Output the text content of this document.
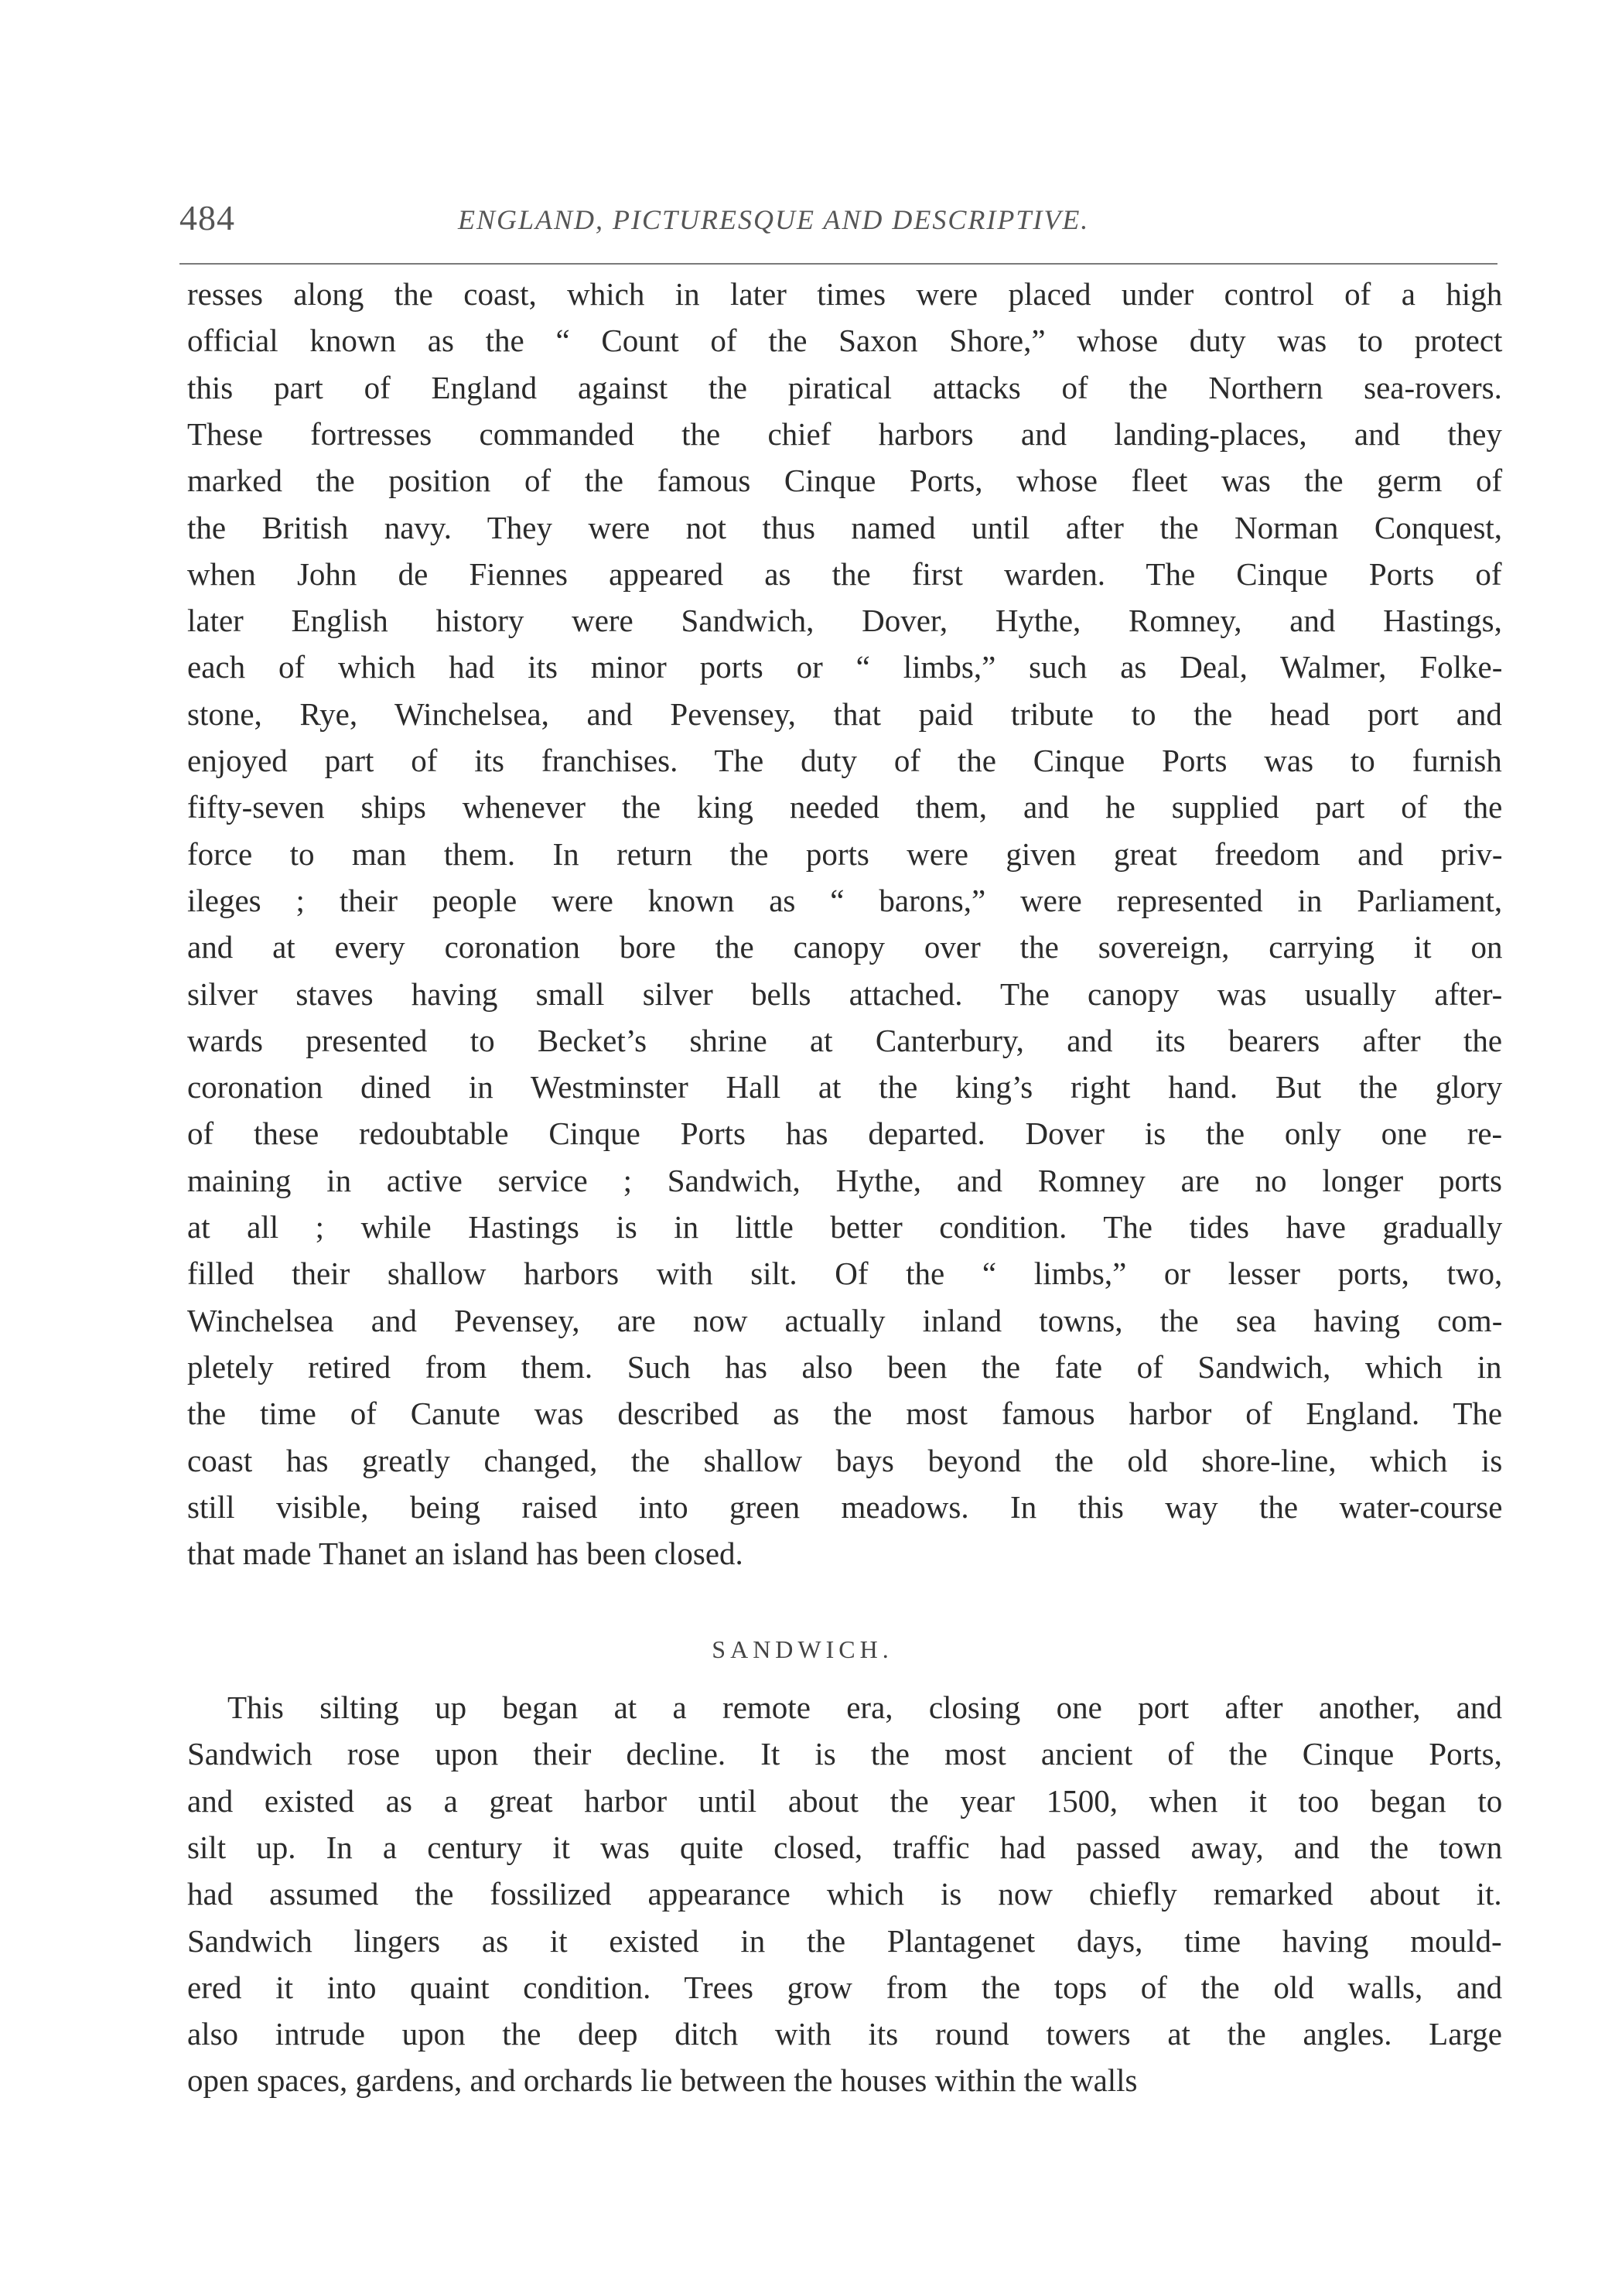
484	ENGLAND, PICTURESQUE AND DESCRIPTIVE.
resses along the coast, which in later times were placed under control of a high
official known as the “ Count of the Saxon Shore,” whose duty was to protect
this part of England against the piratical attacks of the Northern sea-rovers.
These fortresses commanded the chief harbors and landing-places, and they
marked the position of the famous Cinque Ports, whose fleet was the germ of
the British navy. They were not thus named until after the Norman Conquest,
when John de Fiennes appeared as the first warden. The Cinque Ports of
later English history were Sandwich, Dover, Hythe, Romney, and Hastings,
each of which had its minor ports or “ limbs,” such as Deal, Walmer, Folke-
stone, Rye, Winchelsea, and Pevensey, that paid tribute to the head port and
enjoyed part of its franchises. The duty of the Cinque Ports was to furnish
fifty-seven ships whenever the king needed them, and he supplied part of the
force to man them. In return the ports were given great freedom and priv-
ileges ; their people were known as “ barons,” were represented in Parliament,
and at every coronation bore the canopy over the sovereign, carrying it on
silver staves having small silver bells attached. The canopy was usually after-
wards presented to Becket’s shrine at Canterbury, and its bearers after the
coronation dined in Westminster Hall at the king’s right hand. But the glory
of these redoubtable Cinque Ports has departed. Dover is the only one re-
maining in active service ; Sandwich, Hythe, and Romney are no longer ports
at all ; while Hastings is in little better condition. The tides have gradually
filled their shallow harbors with silt. Of the “ limbs,” or lesser ports, two,
Winchelsea and Pevensey, are now actually inland towns, the sea having com-
pletely retired from them. Such has also been the fate of Sandwich, which in
the time of Canute was described as the most famous harbor of England. The
coast has greatly changed, the shallow bays beyond the old shore-line, which is
still visible, being raised into green meadows. In this way the water-course
that made Thanet an island has been closed.
SANDWICH.
This silting up began at a remote era, closing one port after another, and
Sandwich rose upon their decline. It is the most ancient of the Cinque Ports,
and existed as a great harbor until about the year 1500, when it too began to
silt up. In a century it was quite closed, traffic had passed away, and the town
had assumed the fossilized appearance which is now chiefly remarked about it.
Sandwich lingers as it existed in the Plantagenet days, time having mould-
ered it into quaint condition. Trees grow from the tops of the old walls, and
also intrude upon the deep ditch with its round towers at the angles. Large
open spaces, gardens, and orchards lie between the houses within the walls
